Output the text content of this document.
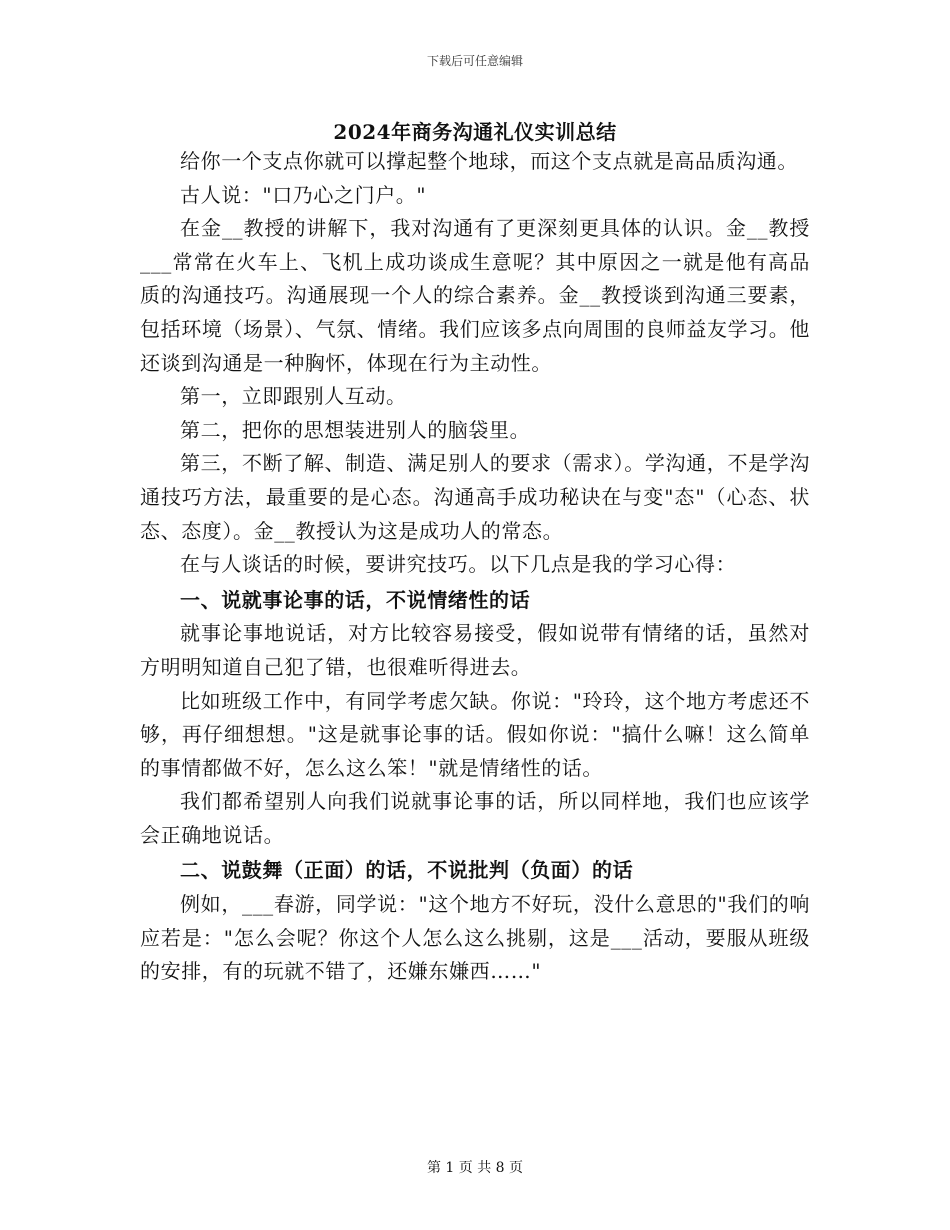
下载后可任意编辑
2024年商务沟通礼仪实训总结

给你一个支点你就可以撑起整个地球，而这个支点就是高品质沟通。

古人说："口乃心之门户。"

在金__教授的讲解下，我对沟通有了更深刻更具体的认识。金__教授___常常在火车上、飞机上成功谈成生意呢？其中原因之一就是他有高品质的沟通技巧。沟通展现一个人的综合素养。金__教授谈到沟通三要素，包括环境（场景）、气氛、情绪。我们应该多点向周围的良师益友学习。他还谈到沟通是一种胸怀，体现在行为主动性。

第一，立即跟别人互动。

第二，把你的思想装进别人的脑袋里。

第三，不断了解、制造、满足别人的要求（需求）。学沟通，不是学沟通技巧方法，最重要的是心态。沟通高手成功秘诀在与变"态"（心态、状态、态度）。金__教授认为这是成功人的常态。

在与人谈话的时候，要讲究技巧。以下几点是我的学习心得：

一、说就事论事的话，不说情绪性的话

就事论事地说话，对方比较容易接受，假如说带有情绪的话，虽然对方明明知道自己犯了错，也很难听得进去。

比如班级工作中，有同学考虑欠缺。你说："玲玲，这个地方考虑还不够，再仔细想想。"这是就事论事的话。假如你说："搞什么嘛！这么简单的事情都做不好，怎么这么笨！"就是情绪性的话。

我们都希望别人向我们说就事论事的话，所以同样地，我们也应该学会正确地说话。

二、说鼓舞（正面）的话，不说批判（负面）的话

例如，___春游，同学说："这个地方不好玩，没什么意思的"我们的响应若是："怎么会呢？你这个人怎么这么挑剔，这是___活动，要服从班级的安排，有的玩就不错了，还嫌东嫌西……"

第 1 页 共 8 页
